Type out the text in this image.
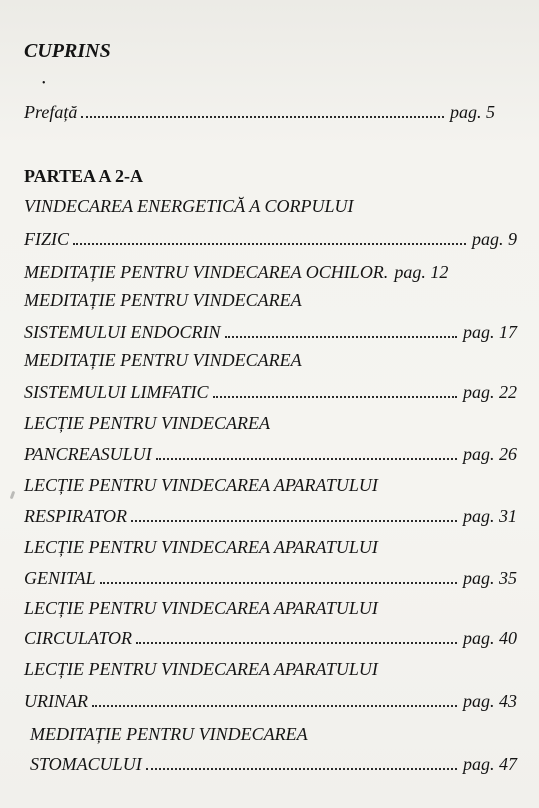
CUPRINS
•
Prefață	pag. 5
PARTEA A 2-A
VINDECAREA ENERGETICĂ A CORPULUI
FIZIC	pag. 9
MEDITAȚIE PENTRU VINDECAREA OCHILOR. pag. 12
MEDITAȚIE PENTRU VINDECAREA
SISTEMULUI ENDOCRIN	pag. 17
MEDITAȚIE PENTRU VINDECAREA
SISTEMULUI LIMFATIC	pag. 22
LECȚIE PENTRU VINDECAREA
PANCREASULUI	pag. 26
LECȚIE PENTRU VINDECAREA APARATULUI
RESPIRATOR	pag. 31
LECȚIE PENTRU VINDECAREA APARATULUI
GENITAL	pag. 35
LECȚIE PENTRU VINDECAREA APARATULUI
CIRCULATOR	pag. 40
LECȚIE PENTRU VINDECAREA APARATULUI
URINAR	pag. 43
MEDITAȚIE PENTRU VINDECAREA
STOMACULUI	pag. 47
